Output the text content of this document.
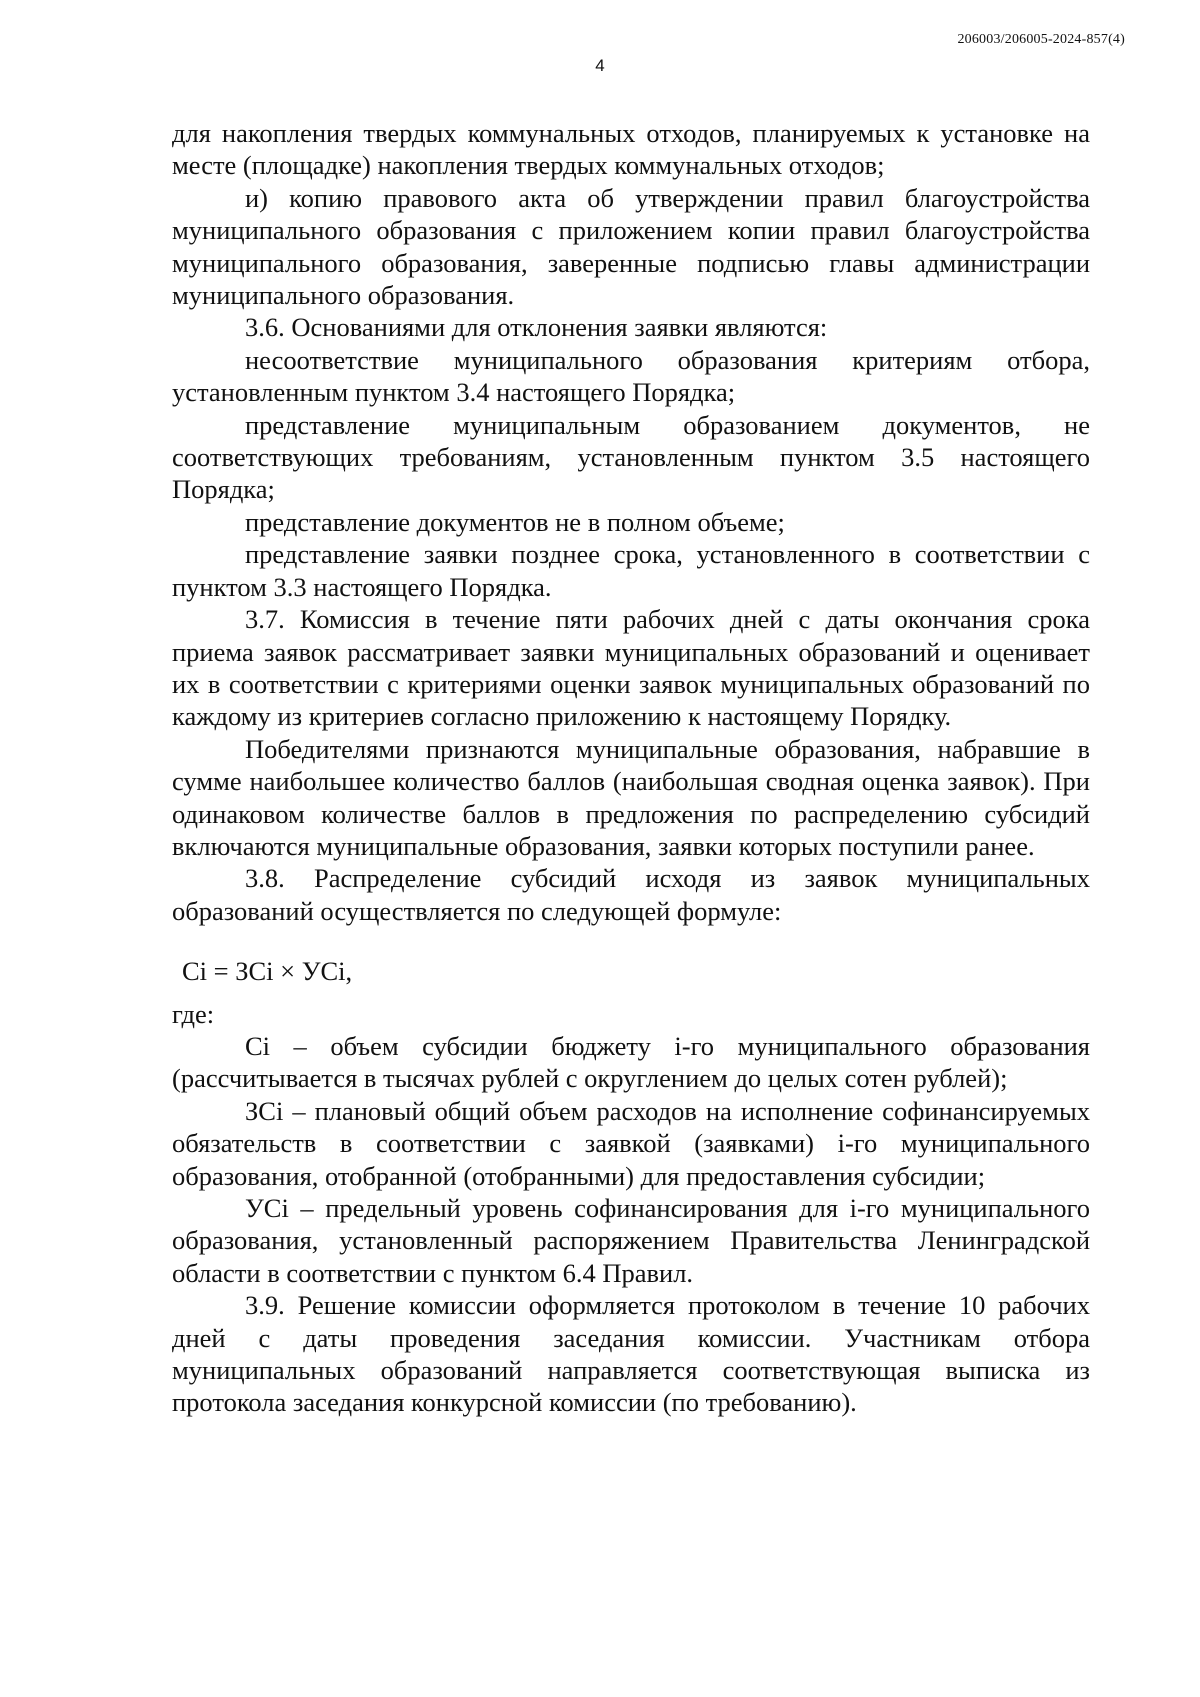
206003/206005-2024-857(4)
4

для накопления твердых коммунальных отходов, планируемых к установке на месте (площадке) накопления твердых коммунальных отходов;

и) копию правового акта об утверждении правил благоустройства муниципального образования с приложением копии правил благоустройства муниципального образования, заверенные подписью главы администрации муниципального образования.

3.6. Основаниями для отклонения заявки являются:

несоответствие муниципального образования критериям отбора, установленным пунктом 3.4 настоящего Порядка;

представление муниципальным образованием документов, не соответствующих требованиям, установленным пунктом 3.5 настоящего Порядка;

представление документов не в полном объеме;

представление заявки позднее срока, установленного в соответствии с пунктом 3.3 настоящего Порядка.

3.7. Комиссия в течение пяти рабочих дней с даты окончания срока приема заявок рассматривает заявки муниципальных образований и оценивает их в соответствии с критериями оценки заявок муниципальных образований по каждому из критериев согласно приложению к настоящему Порядку.

Победителями признаются муниципальные образования, набравшие в сумме наибольшее количество баллов (наибольшая сводная оценка заявок). При одинаковом количестве баллов в предложения по распределению субсидий включаются муниципальные образования, заявки которых поступили ранее.

3.8. Распределение субсидий исходя из заявок муниципальных образований осуществляется по следующей формуле:

Сi = ЗСi × УСi,

где:

Сi – объем субсидии бюджету i-го муниципального образования (рассчитывается в тысячах рублей с округлением до целых сотен рублей);

ЗСi – плановый общий объем расходов на исполнение софинансируемых обязательств в соответствии с заявкой (заявками) i-го муниципального образования, отобранной (отобранными) для предоставления субсидии;

УСi – предельный уровень софинансирования для i-го муниципального образования, установленный распоряжением Правительства Ленинградской области в соответствии с пунктом 6.4 Правил.

3.9. Решение комиссии оформляется протоколом в течение 10 рабочих дней с даты проведения заседания комиссии. Участникам отбора муниципальных образований направляется соответствующая выписка из протокола заседания конкурсной комиссии (по требованию).
